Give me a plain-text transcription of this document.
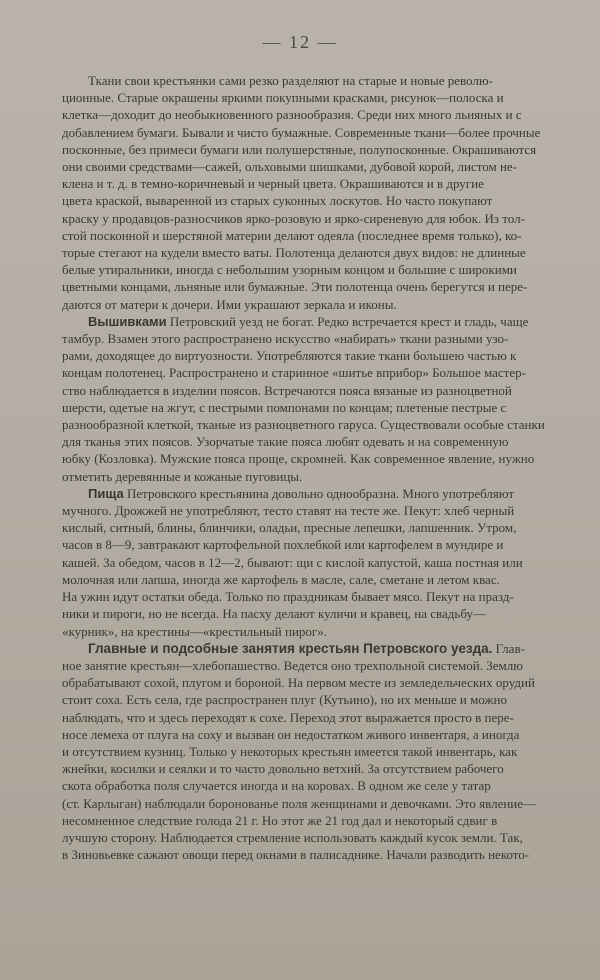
— 12 —
Ткани свои крестьянки сами резко разделяют на старые и новые револю-
ционные. Старые окрашены яркими покупными красками, рисунок—полоска и
клетка—доходит до необыкновенного разнообразия. Среди них много льняных и с
добавлением бумаги. Бывали и чисто бумажные. Современные ткани—более прочные
посконные, без примеси бумаги или полушерстяные, полупосконные. Окрашиваются
они своими средствами—сажей, ольховыми шишками, дубовой корой, листом не-
клена и т. д. в темно-коричневый и черный цвета. Окрашиваются и в другие
цвета краской, вываренной из старых суконных лоскутов. Но часто покупают
краску у продавцов-разносчиков ярко-розовую и ярко-сиреневую для юбок. Из тол-
стой посконной и шерстяной материи делают одеяла (последнее время только), ко-
торые стегают на кудели вместо ваты. Полотенца делаются двух видов: не длинные
белые утиральники, иногда с небольшим узорным концом и большие с широкими
цветными концами, льняные или бумажные. Эти полотенца очень берегутся и пере-
даются от матери к дочери. Ими украшают зеркала и иконы.
Вышивками Петровский уезд не богат. Редко встречается крест и гладь, чаще
тамбур. Взамен этого распространено искусство «набирать» ткани разными узо-
рами, доходящее до виртуозности. Употребляются такие ткани большею частью к
концам полотенец. Распространено и старинное «шитье вприбор» Большое мастер-
ство наблюдается в изделии поясов. Встречаются пояса вязаные из разноцветной
шерсти, одетые на жгут, с пестрыми помпонами по концам; плетеные пестрые с
разнообразной клеткой, тканые из разноцветного гаруса. Существовали особые станки
для тканья этих поясов. Узорчатые такие пояса любят одевать и на современную
юбку (Козловка). Мужские пояса проще, скромней. Как современное явление, нужно
отметить деревянные и кожаные пуговицы.
Пища Петровского крестьянина довольно однообразна. Много употребляют
мучного. Дрожжей не употребляют, тесто ставят на тесте же. Пекут: хлеб черный
кислый, ситный, блины, блинчики, оладьи, пресные лепешки, лапшенник. Утром,
часов в 8—9, завтракают картофельной похлебкой или картофелем в мундире и
кашей. За обедом, часов в 12—2, бывают: щи с кислой капустой, каша постная или
молочная или лапша, иногда же картофель в масле, сале, сметане и летом квас.
На ужин идут остатки обеда. Только по праздникам бывает мясо. Пекут на празд-
ники и пироги, но не всегда. На пасху делают куличи и кравец, на свадьбу—
«курник», на крестины—«крестильный пирог».
Главные и подсобные занятия крестьян Петровского уезда. Глав-
ное занятие крестьян—хлебопашество. Ведется оно трехпольной системой. Землю
обрабатывают сохой, плугом и бороной. На первом месте из земледельческих орудий
стоит соха. Есть села, где распространен плуг (Кутьино), но их меньше и можно
наблюдать, что и здесь переходят к сохе. Переход этот выражается просто в пере-
носе лемеха от плуга на соху и вызван он недостатком живого инвентаря, а иногда
и отсутствием кузниц. Только у некоторых крестьян имеется такой инвентарь, как
жнейки, косилки и сеялки и то часто довольно ветхий. За отсутствием рабочего
скота обработка поля случается иногда и на коровах. В одном же селе у татар
(ст. Карлыган) наблюдали боронованье поля женщинами и девочками. Это явление—
несомненное следствие голода 21 г. Но этот же 21 год дал и некоторый сдвиг в
лучшую сторону. Наблюдается стремление использовать каждый кусок земли. Так,
в Зиновьевке сажают овощи перед окнами в палисаднике. Начали разводить некото-
